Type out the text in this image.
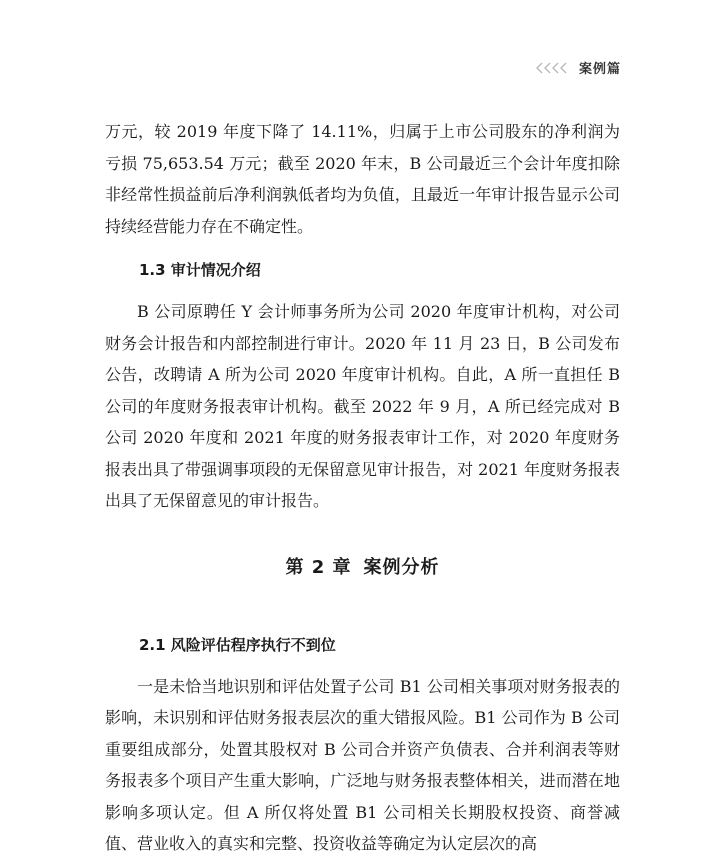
案例篇

万元，较 2019 年度下降了 14.11%，归属于上市公司股东的净利润为亏损 75,653.54 万元；截至 2020 年末，B 公司最近三个会计年度扣除非经常性损益前后净利润孰低者均为负值，且最近一年审计报告显示公司持续经营能力存在不确定性。

1.3 审计情况介绍

B 公司原聘任 Y 会计师事务所为公司 2020 年度审计机构，对公司财务会计报告和内部控制进行审计。2020 年 11 月 23 日，B 公司发布公告，改聘请 A 所为公司 2020 年度审计机构。自此，A 所一直担任 B 公司的年度财务报表审计机构。截至 2022 年 9 月，A 所已经完成对 B 公司 2020 年度和 2021 年度的财务报表审计工作，对 2020 年度财务报表出具了带强调事项段的无保留意见审计报告，对 2021 年度财务报表出具了无保留意见的审计报告。

第 2 章 案例分析
2.1 风险评估程序执行不到位

一是未恰当地识别和评估处置子公司 B1 公司相关事项对财务报表的影响，未识别和评估财务报表层次的重大错报风险。B1 公司作为 B 公司重要组成部分，处置其股权对 B 公司合并资产负债表、合并利润表等财务报表多个项目产生重大影响，广泛地与财务报表整体相关，进而潜在地影响多项认定。但 A 所仅将处置 B1 公司相关长期股权投资、商誉减值、营业收入的真实和完整、投资收益等确定为认定层次的高
